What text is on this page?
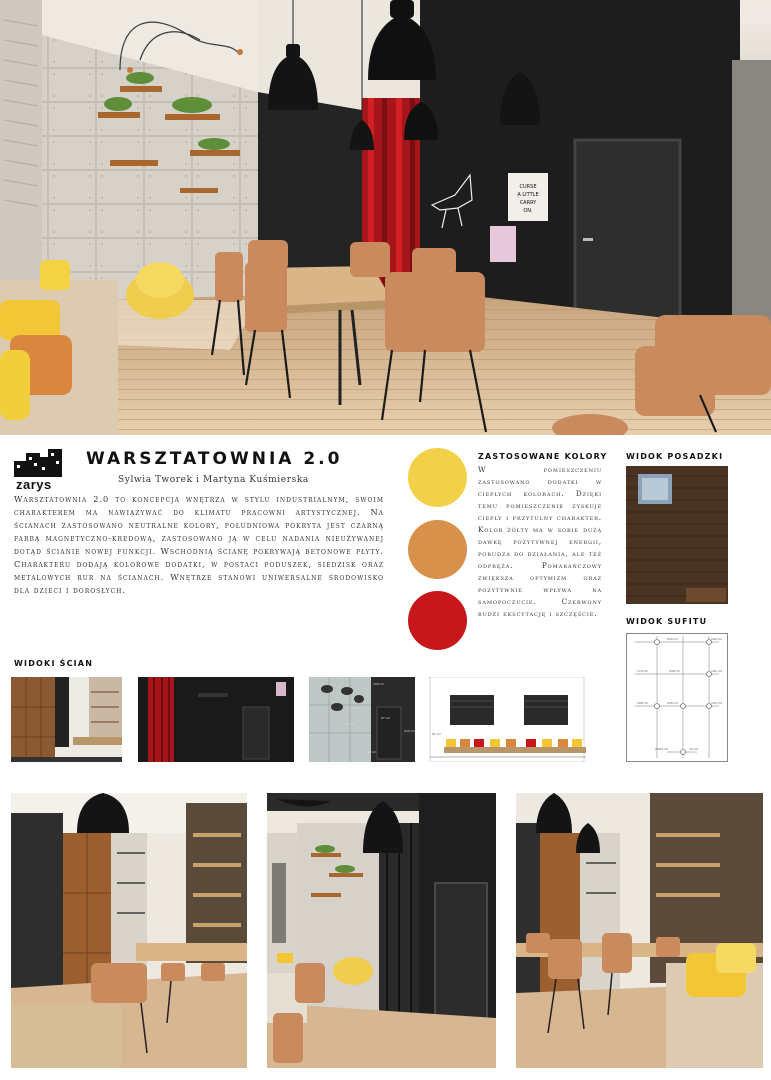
CURSE
A LITTLE
CARRY
ON.
zarys
WARSZTATOWNIA 2.0
Sylwia Tworek i Martyna Kuśmierska
Warsztatownia 2.0 to koncepcja wnętrza w stylu industrialnym, swoim charakterem ma nawiązywać do klimatu pracowni artystycznej. Na ścianach zastosowano neutralne kolory, południowa pokryta jest czarną farbą magnetyczno-kredową, zastosowano ją w celu nadania nieużywanej dotąd ścianie nowej funkcji. Wschodnią ścianę pokrywają betonowe płyty. Charakteru dodają kolorowe dodatki, w postaci poduszek, siedzisk oraz metalowych rur na ścianach. Wnętrze stanowi uniwersalne środowisko dla dzieci i dorosłych.
ZASTOSOWANE KOLORY
W pomieszczeniu zastosowano dodatki w ciepłych kolorach. Dzięki temu pomieszczenie zyskuje ciepły i przytulny charakter. Kolor żółty ma w sobie dużą dawkę pozytywnej energii, pobudza do działania, ale też odpręża. Pomarańczowy zwiększa optymizm oraz pozytywnie wpływa na samopoczucie. Czerwony budzi ekscytację i szczęście.
WIDOK POSADZKI
WIDOK SUFITU
250 cm	100 cm
174 cm	238 cm	101 cm
188 cm	238 cm	125 cm
2000 cm	70 cm
WIDOKI ŚCIAN
100 cm
82 cm
60 cm
97 cm
220 cm
80 cm
80 cm
